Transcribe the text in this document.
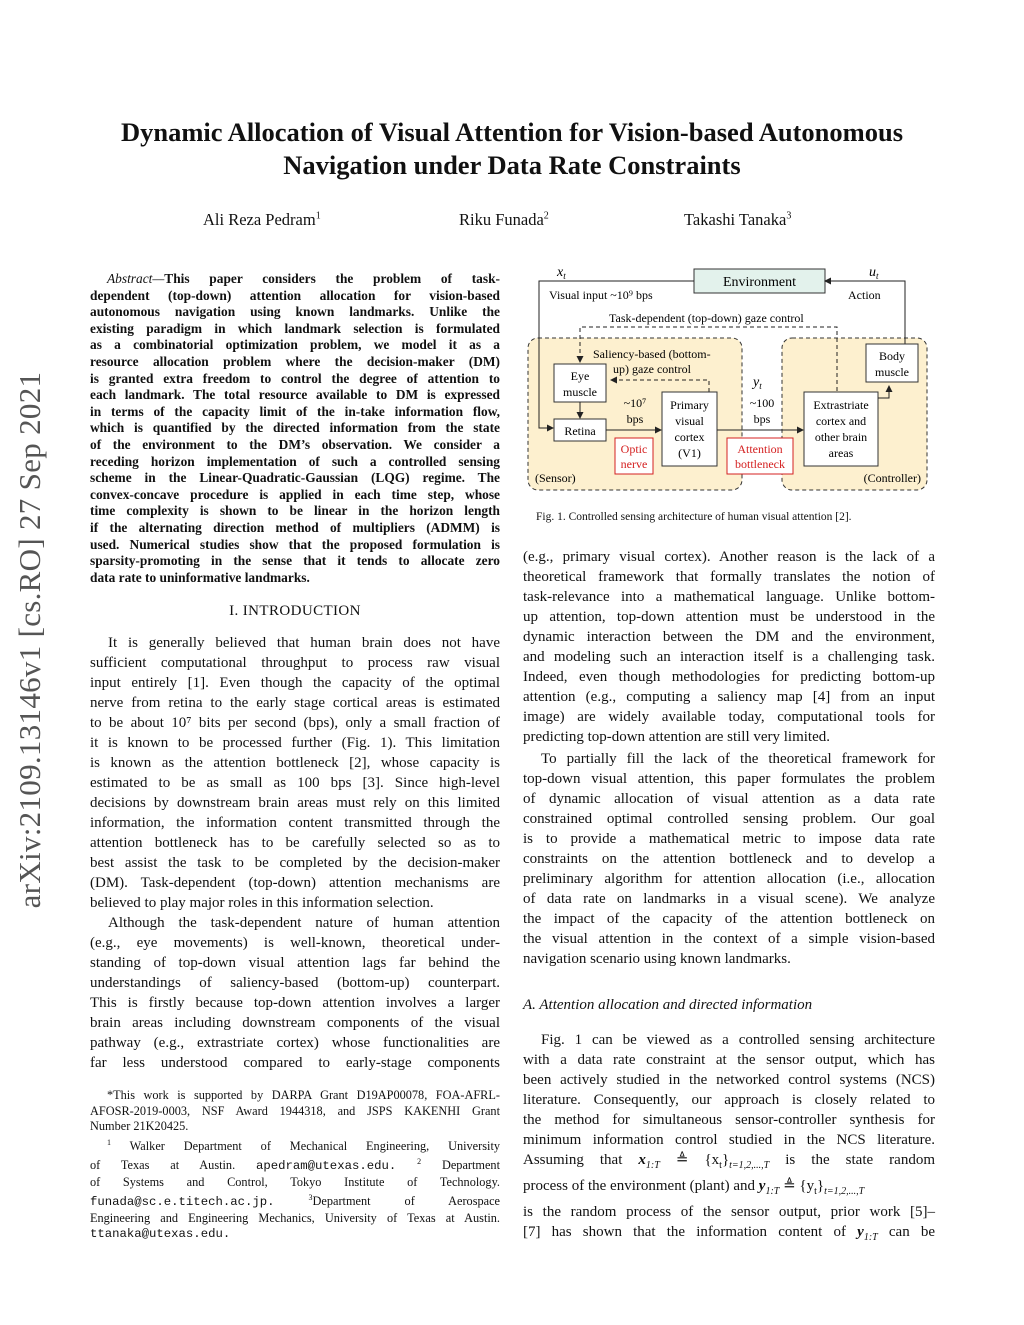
arXiv:2109.13146v1 [cs.RO] 27 Sep 2021
Dynamic Allocation of Visual Attention for Vision-based Autonomous
Navigation under Data Rate Constraints
Ali Reza Pedram$^1$	Riku Funada$^2$	Takashi Tanaka$^3$
Abstract—This paper considers the problem of task-
dependent (top-down) attention allocation for vision-based
autonomous navigation using known landmarks. Unlike the
existing paradigm in which landmark selection is formulated
as a combinatorial optimization problem, we model it as a
resource allocation problem where the decision-maker (DM)
is granted extra freedom to control the degree of attention to
each landmark. The total resource available to DM is expressed
in terms of the capacity limit of the in-take information flow,
which is quantified by the directed information from the state
of the environment to the DM’s observation. We consider a
receding horizon implementation of such a controlled sensing
scheme in the Linear-Quadratic-Gaussian (LQG) regime. The
convex-concave procedure is applied in each time step, whose
time complexity is shown to be linear in the horizon length
if the alternating direction method of multipliers (ADMM) is
used. Numerical studies show that the proposed formulation is
sparsity-promoting in the sense that it tends to allocate zero
data rate to uninformative landmarks.
I. INTRODUCTION
It is generally believed that human brain does not have
sufficient computational throughput to process raw visual
input entirely [1]. Even though the capacity of the optimal
nerve from retina to the early stage cortical areas is estimated
to be about 10⁷ bits per second (bps), only a small fraction of
it is known to be processed further (Fig. 1). This limitation
is known as the attention bottleneck [2], whose capacity is
estimated to be as small as 100 bps [3]. Since high-level
decisions by downstream brain areas must rely on this limited
information, the information content transmitted through the
attention bottleneck has to be carefully selected so as to
best assist the task to be completed by the decision-maker
(DM). Task-dependent (top-down) attention mechanisms are
believed to play major roles in this information selection.
Although the task-dependent nature of human attention
(e.g., eye movements) is well-known, theoretical under-
standing of top-down visual attention lags far behind the
understandings of saliency-based (bottom-up) counterpart.
This is firstly because top-down attention involves a larger
brain areas including downstream components of the visual
pathway (e.g., extrastriate cortex) whose functionalities are
far less understood compared to early-stage components
*This work is supported by DARPA Grant D19AP00078, FOA-AFRL-
AFOSR-2019-0003, NSF Award 1944318, and JSPS KAKENHI Grant
Number 21K20425.
$^1$ Walker Department of Mechanical Engineering, University
of Texas at Austin. apedram@utexas.edu.	$^2$ Department
of Systems and Control, Tokyo Institute of Technology.
funada@sc.e.titech.ac.jp.	$^3$Department of Aerospace
Engineering and Engineering Mechanics, University of Texas at Austin.
ttanaka@utexas.edu.
Environment
$x_t$	$u_t$
Visual input ~10⁹ bps	Action
Task-dependent (top-down) gaze control
Saliency-based (bottom-
up) gaze control
$y_t$
Eye
muscle
Retina
~10⁷
bps
Optic
nerve
Primary
visual
cortex
(V1)
~100
bps
Attention
bottleneck
Extrastriate
cortex and
other brain
areas
Body
muscle
(Sensor)	(Controller)
Fig. 1. Controlled sensing architecture of human visual attention [2].
(e.g., primary visual cortex). Another reason is the lack of a
theoretical framework that formally translates the notion of
task-relevance into a mathematical language. Unlike bottom-
up attention, top-down attention must be understood in the
dynamic interaction between the DM and the environment,
and modeling such an interaction itself is a challenging task.
Indeed, even though methodologies for predicting bottom-up
attention (e.g., computing a saliency map [4] from an input
image) are widely available today, computational tools for
predicting top-down attention are still very limited.
To partially fill the lack of the theoretical framework for
top-down visual attention, this paper formulates the problem
of dynamic allocation of visual attention as a data rate
constrained optimal controlled sensing problem. Our goal
is to provide a mathematical metric to impose data rate
constraints on the attention bottleneck and to develop a
preliminary algorithm for attention allocation (i.e., allocation
of data rate on landmarks in a visual scene). We analyze
the impact of the capacity of the attention bottleneck on
the visual attention in the context of a simple vision-based
navigation scenario using known landmarks.
A. Attention allocation and directed information
Fig. 1 can be viewed as a controlled sensing architecture
with a data rate constraint at the sensor output, which has
been actively studied in the networked control systems (NCS)
literature. Consequently, our approach is closely related to
the method for simultaneous sensor-controller synthesis for
minimum information control studied in the NCS literature.
Assuming that $x_{1:T}$ ≜ $\{x_t\}_{t=1,2,...,T}$ is the state random
process of the environment (plant) and $y_{1:T}$ ≜ $\{y_t\}_{t=1,2,...,T}$
is the random process of the sensor output, prior work [5]–
[7] has shown that the information content of $y_{1:T}$ can be
